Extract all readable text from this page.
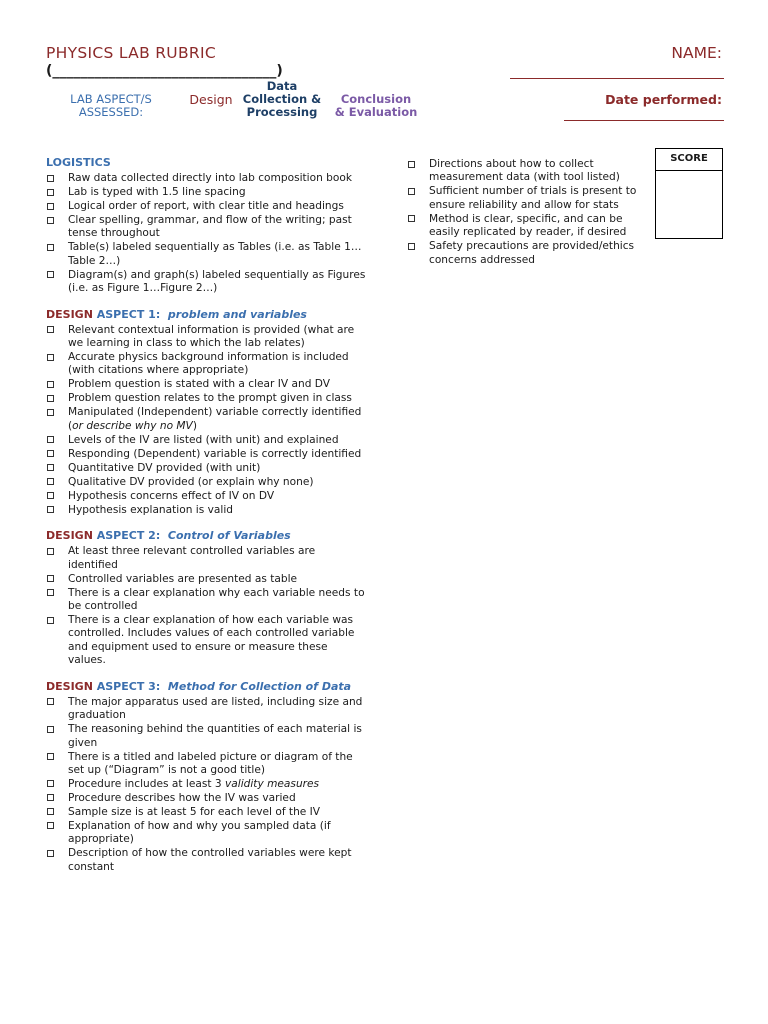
PHYSICS LAB RUBRIC
(________________________________)
NAME:
LAB ASPECT/S ASSESSED:
Design
Data Collection & Processing
Conclusion & Evaluation
Date performed:
SCORE
LOGISTICS
Raw data collected directly into lab composition book
Lab is typed with 1.5 line spacing
Logical order of report, with clear title and headings
Clear spelling, grammar, and flow of the writing; past tense throughout
Table(s) labeled sequentially as Tables (i.e. as Table 1… Table 2…)
Diagram(s) and graph(s) labeled sequentially as Figures (i.e. as Figure 1…Figure 2…)
DESIGN ASPECT 1: problem and variables
Relevant contextual information is provided (what are we learning in class to which the lab relates)
Accurate physics background information is included (with citations where appropriate)
Problem question is stated with a clear IV and DV
Problem question relates to the prompt given in class
Manipulated (Independent) variable correctly identified (or describe why no MV)
Levels of the IV are listed (with unit) and explained
Responding (Dependent) variable is correctly identified
Quantitative DV provided (with unit)
Qualitative DV provided (or explain why none)
Hypothesis concerns effect of IV on DV
Hypothesis explanation is valid
DESIGN ASPECT 2: Control of Variables
At least three relevant controlled variables are identified
Controlled variables are presented as table
There is a clear explanation why each variable needs to be controlled
There is a clear explanation of how each variable was controlled. Includes values of each controlled variable and equipment used to ensure or measure these values.
DESIGN ASPECT 3: Method for Collection of Data
The major apparatus used are listed, including size and graduation
The reasoning behind the quantities of each material is given
There is a titled and labeled picture or diagram of the set up (“Diagram” is not a good title)
Procedure includes at least 3 validity measures
Procedure describes how the IV was varied
Sample size is at least 5 for each level of the IV
Explanation of how and why you sampled data (if appropriate)
Description of how the controlled variables were kept constant
Directions about how to collect measurement data (with tool listed)
Sufficient number of trials is present to ensure reliability and allow for stats
Method is clear, specific, and can be easily replicated by reader, if desired
Safety precautions are provided/ethics concerns addressed
